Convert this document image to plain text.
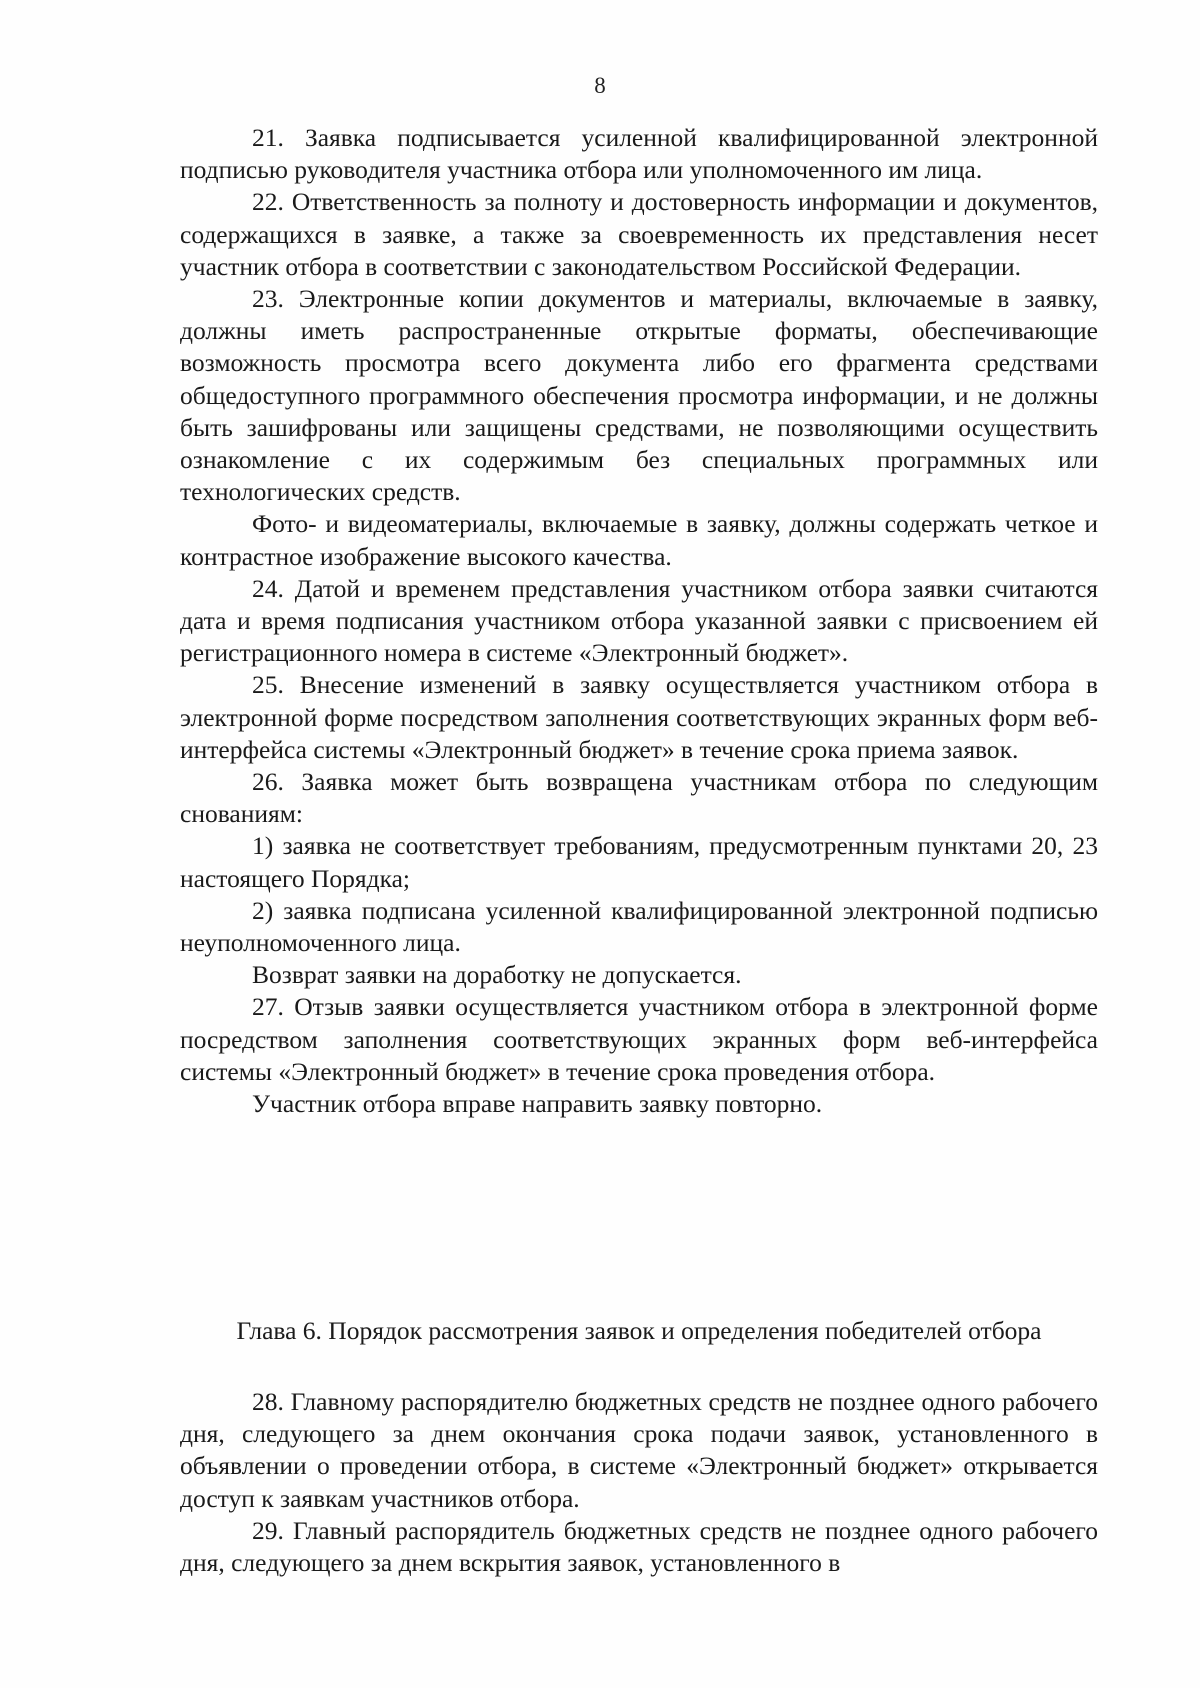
8

21. Заявка подписывается усиленной квалифицированной электронной подписью руководителя участника отбора или уполномоченного им лица.

22. Ответственность за полноту и достоверность информации и документов, содержащихся в заявке, а также за своевременность их представления несет участник отбора в соответствии с законодательством Российской Федерации.

23. Электронные копии документов и материалы, включаемые в заявку, должны иметь распространенные открытые форматы, обеспечивающие возможность просмотра всего документа либо его фрагмента средствами общедоступного программного обеспечения просмотра информации, и не должны быть зашифрованы или защищены средствами, не позволяющими осуществить ознакомление с их содержимым без специальных программных или технологических средств.

Фото- и видеоматериалы, включаемые в заявку, должны содержать четкое и контрастное изображение высокого качества.

24. Датой и временем представления участником отбора заявки считаются дата и время подписания участником отбора указанной заявки с присвоением ей регистрационного номера в системе «Электронный бюджет».

25. Внесение изменений в заявку осуществляется участником отбора в электронной форме посредством заполнения соответствующих экранных форм веб-интерфейса системы «Электронный бюджет» в течение срока приема заявок.

26. Заявка может быть возвращена участникам отбора по следующим снованиям:

1) заявка не соответствует требованиям, предусмотренным пунктами 20, 23 настоящего Порядка;

2) заявка подписана усиленной квалифицированной электронной подписью неуполномоченного лица.

Возврат заявки на доработку не допускается.

27. Отзыв заявки осуществляется участником отбора в электронной форме посредством заполнения соответствующих экранных форм веб-интерфейса системы «Электронный бюджет» в течение срока проведения отбора.

Участник отбора вправе направить заявку повторно.

Глава 6. Порядок рассмотрения заявок и определения победителей отбора

28. Главному распорядителю бюджетных средств не позднее одного рабочего дня, следующего за днем окончания срока подачи заявок, установленного в объявлении о проведении отбора, в системе «Электронный бюджет» открывается доступ к заявкам участников отбора.

29. Главный распорядитель бюджетных средств не позднее одного рабочего дня, следующего за днем вскрытия заявок, установленного в
